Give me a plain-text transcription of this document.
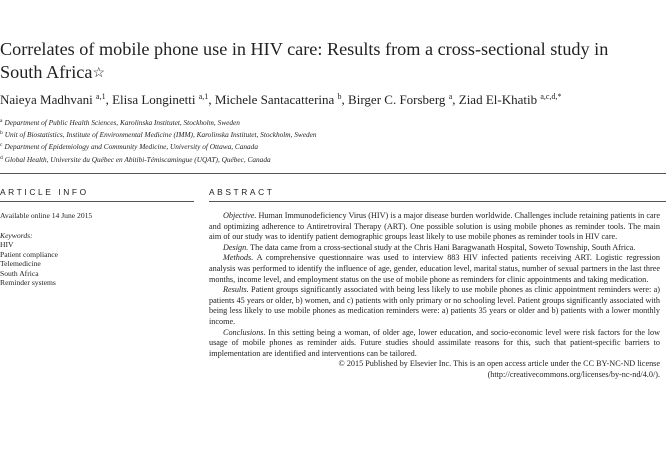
Correlates of mobile phone use in HIV care: Results from a cross-sectional study in South Africa☆
Naieya Madhvani $^{a,1}$, Elisa Longinetti $^{a,1}$, Michele Santacatterina $^b$, Birger C. Forsberg $^a$, Ziad El-Khatib $^{a,c,d,*}$
$^a$ Department of Public Health Sciences, Karolinska Institutet, Stockholm, Sweden
$^b$ Unit of Biostatistics, Institute of Environmental Medicine (IMM), Karolinska Institutet, Stockholm, Sweden
$^c$ Department of Epidemiology and Community Medicine, University of Ottawa, Canada
$^d$ Global Health, Universite du Québec en Abitibi-Témiscamingue (UQAT), Québec, Canada
ARTICLE INFO	ABSTRACT
Available online 14 June 2015
Keywords:
HIV
Patient compliance
Telemedicine
South Africa
Reminder systems

Objective. Human Immunodeficiency Virus (HIV) is a major disease burden worldwide. Challenges include retaining patients in care and optimizing adherence to Antiretroviral Therapy (ART). One possible solution is using mobile phones as reminder tools. The main aim of our study was to identify patient demographic groups least likely to use mobile phones as reminder tools in HIV care.

Design. The data came from a cross-sectional study at the Chris Hani Baragwanath Hospital, Soweto Township, South Africa.

Methods. A comprehensive questionnaire was used to interview 883 HIV infected patients receiving ART. Logistic regression analysis was performed to identify the influence of age, gender, education level, marital status, number of sexual partners in the last three months, income level, and employment status on the use of mobile phone as reminders for clinic appointments and taking medication.

Results. Patient groups significantly associated with being less likely to use mobile phones as clinic appointment reminders were: a) patients 45 years or older, b) women, and c) patients with only primary or no schooling level. Patient groups significantly associated with being less likely to use mobile phones as medication reminders were: a) patients 35 years or older and b) patients with a lower monthly income.

Conclusions. In this setting being a woman, of older age, lower education, and socio-economic level were risk factors for the low usage of mobile phones as reminder aids. Future studies should assimilate reasons for this, such that patient-specific barriers to implementation are identified and interventions can be tailored.

© 2015 Published by Elsevier Inc. This is an open access article under the CC BY-NC-ND license
(http://creativecommons.org/licenses/by-nc-nd/4.0/).
